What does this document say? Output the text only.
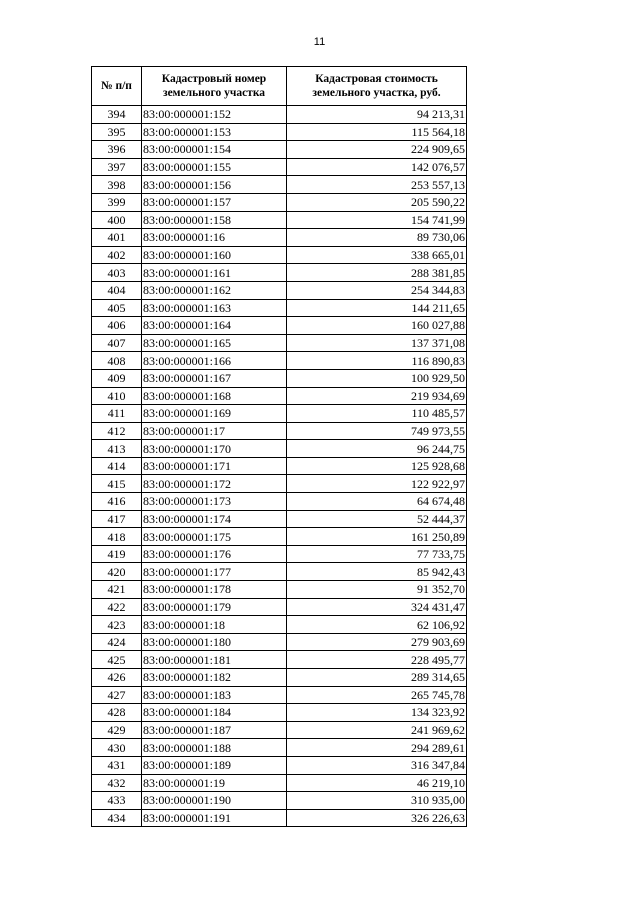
11
№ п/п	Кадастровый номер земельного участка	Кадастровая стоимость земельного участка, руб.
394	83:00:000001:152	94 213,31
395	83:00:000001:153	115 564,18
396	83:00:000001:154	224 909,65
397	83:00:000001:155	142 076,57
398	83:00:000001:156	253 557,13
399	83:00:000001:157	205 590,22
400	83:00:000001:158	154 741,99
401	83:00:000001:16	89 730,06
402	83:00:000001:160	338 665,01
403	83:00:000001:161	288 381,85
404	83:00:000001:162	254 344,83
405	83:00:000001:163	144 211,65
406	83:00:000001:164	160 027,88
407	83:00:000001:165	137 371,08
408	83:00:000001:166	116 890,83
409	83:00:000001:167	100 929,50
410	83:00:000001:168	219 934,69
411	83:00:000001:169	110 485,57
412	83:00:000001:17	749 973,55
413	83:00:000001:170	96 244,75
414	83:00:000001:171	125 928,68
415	83:00:000001:172	122 922,97
416	83:00:000001:173	64 674,48
417	83:00:000001:174	52 444,37
418	83:00:000001:175	161 250,89
419	83:00:000001:176	77 733,75
420	83:00:000001:177	85 942,43
421	83:00:000001:178	91 352,70
422	83:00:000001:179	324 431,47
423	83:00:000001:18	62 106,92
424	83:00:000001:180	279 903,69
425	83:00:000001:181	228 495,77
426	83:00:000001:182	289 314,65
427	83:00:000001:183	265 745,78
428	83:00:000001:184	134 323,92
429	83:00:000001:187	241 969,62
430	83:00:000001:188	294 289,61
431	83:00:000001:189	316 347,84
432	83:00:000001:19	46 219,10
433	83:00:000001:190	310 935,00
434	83:00:000001:191	326 226,63
